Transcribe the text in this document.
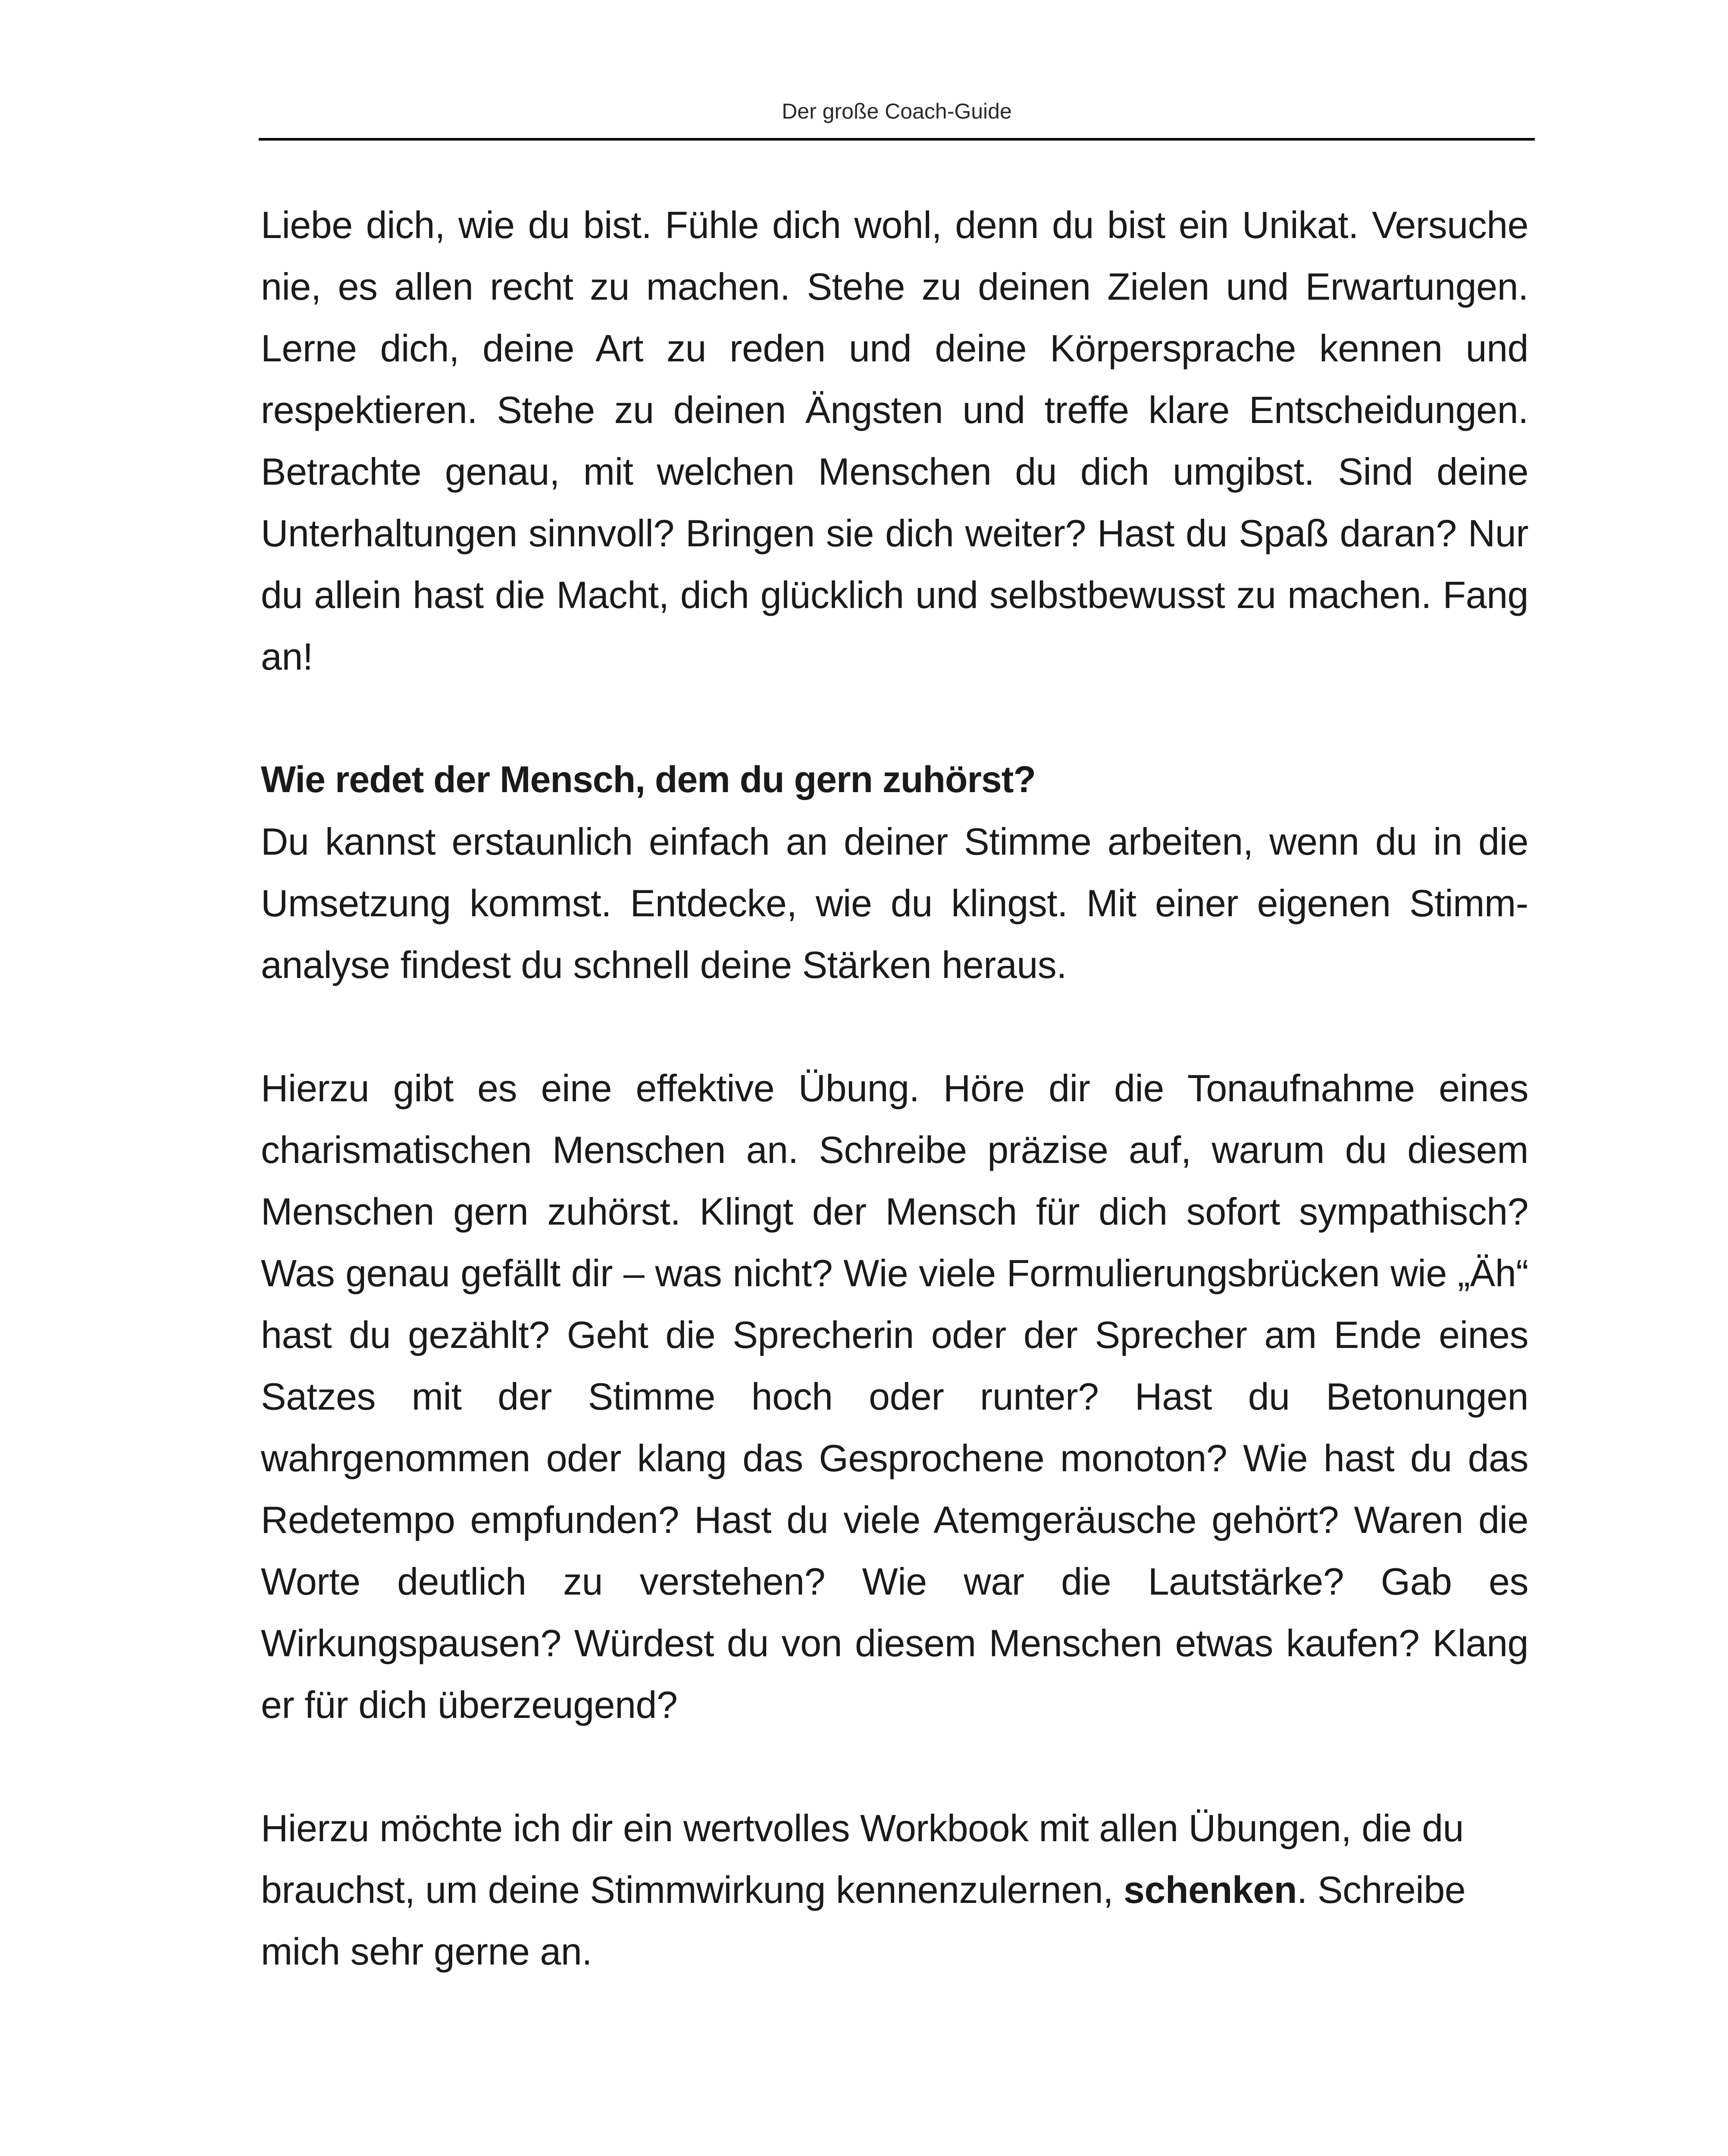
Der große Coach-Guide

Liebe dich, wie du bist. Fühle dich wohl, denn du bist ein Unikat. Versuche nie, es allen recht zu machen. Stehe zu deinen Zielen und Erwartungen. Lerne dich, deine Art zu reden und deine Körpersprache kennen und respektieren. Stehe zu deinen Ängsten und treffe klare Entscheidungen. Betrachte genau, mit welchen Menschen du dich umgibst. Sind deine Unterhaltungen sinnvoll? Bringen sie dich weiter? Hast du Spaß daran? Nur du allein hast die Macht, dich glücklich und selbstbewusst zu machen. Fang an!

Wie redet der Mensch, dem du gern zuhörst?

Du kannst erstaunlich einfach an deiner Stimme arbeiten, wenn du in die Umsetzung kommst. Entdecke, wie du klingst. Mit einer eigenen Stimmanalyse findest du schnell deine Stärken heraus.

Hierzu gibt es eine effektive Übung. Höre dir die Tonaufnahme eines charismatischen Menschen an. Schreibe präzise auf, warum du diesem Menschen gern zuhörst. Klingt der Mensch für dich sofort sympathisch? Was genau gefällt dir – was nicht? Wie viele Formulierungsbrücken wie „Äh“ hast du gezählt? Geht die Sprecherin oder der Sprecher am Ende eines Satzes mit der Stimme hoch oder runter? Hast du Betonungen wahrgenommen oder klang das Gesprochene monoton? Wie hast du das Redetempo empfunden? Hast du viele Atemgeräusche gehört? Waren die Worte deutlich zu verstehen? Wie war die Lautstärke? Gab es Wirkungspausen? Würdest du von diesem Menschen etwas kaufen? Klang er für dich überzeugend?

Hierzu möchte ich dir ein wertvolles Workbook mit allen Übungen, die du brauchst, um deine Stimmwirkung kennenzulernen, schenken. Schreibe mich sehr gerne an.
